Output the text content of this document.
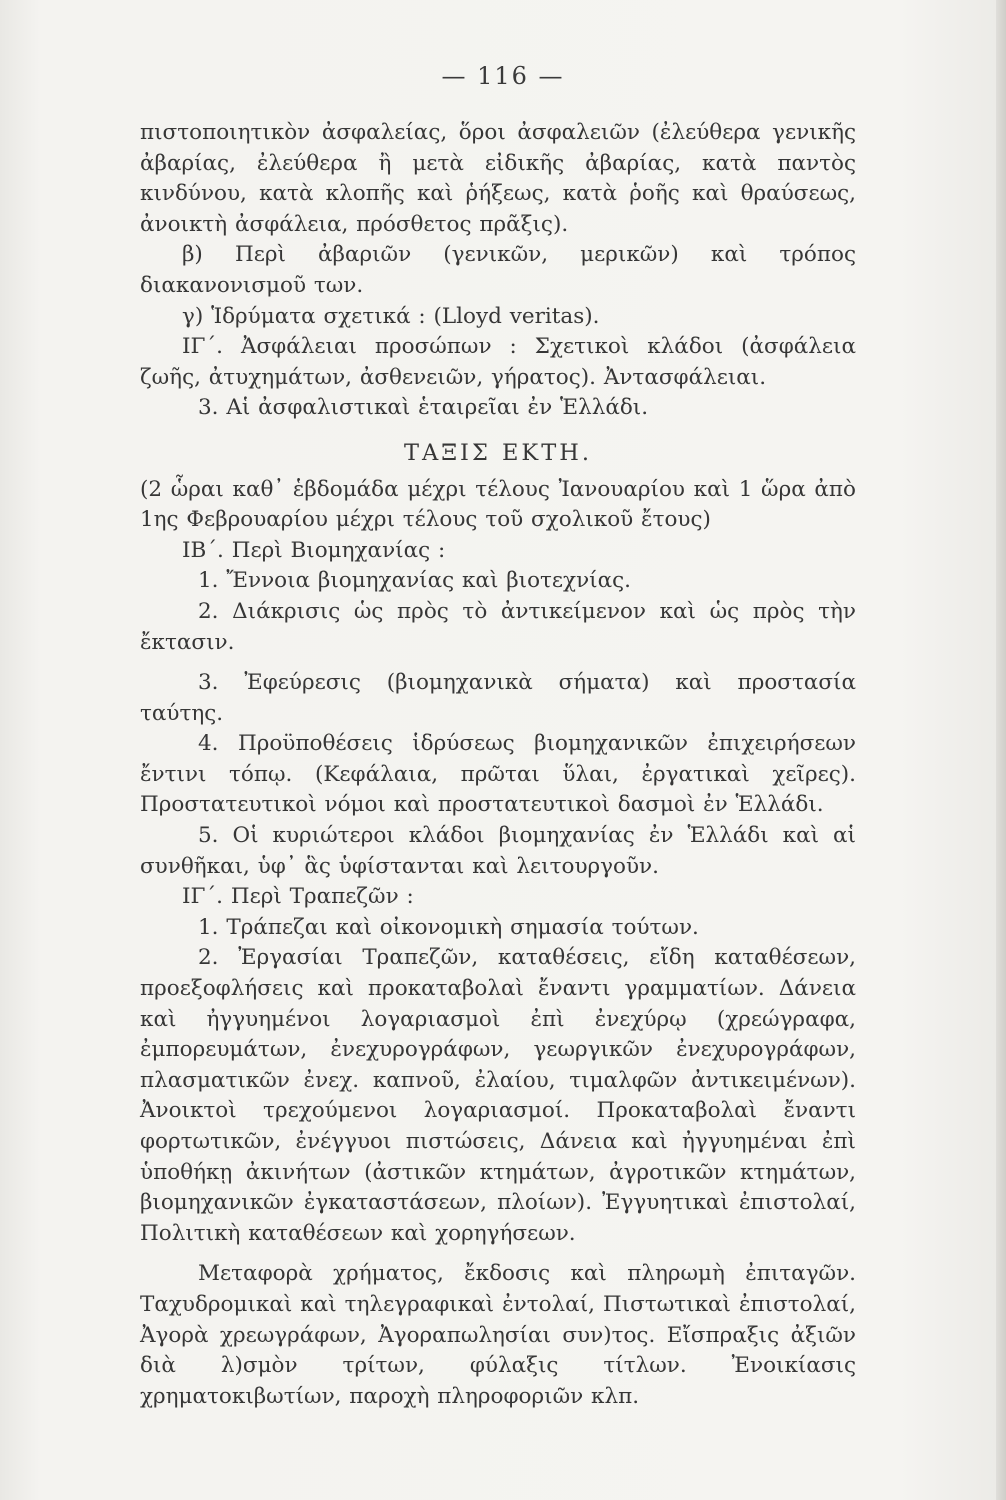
— 116 —

πιστοποιητικὸν ἀσφαλείας, ὅροι ἀσφαλειῶν (ἐλεύθερα γενικῆς ἀβαρίας, ἐλεύθερα ἢ μετὰ εἰδικῆς ἀβαρίας, κατὰ παντὸς κινδύνου, κατὰ κλοπῆς καὶ ῥήξεως, κατὰ ῥοῆς καὶ θραύσεως, ἀνοικτὴ ἀσφάλεια, πρόσθετος πρᾶξις).

β) Περὶ ἀβαριῶν (γενικῶν, μερικῶν) καὶ τρόπος διακανονισμοῦ των.

γ) Ἱδρύματα σχετικά : (Lloyd veritas).

ΙΓ΄. Ἀσφάλειαι προσώπων : Σχετικοὶ κλάδοι (ἀσφάλεια ζωῆς, ἀτυχημάτων, ἀσθενειῶν, γήρατος). Ἀντασφάλειαι.

3. Αἱ ἀσφαλιστικαὶ ἑταιρεῖαι ἐν Ἑλλάδι.

ΤΑΞΙΣ ΕΚΤΗ.

(2 ὧραι καθ᾽ ἑβδομάδα μέχρι τέλους Ἰανουαρίου καὶ 1 ὥρα ἀπὸ 1ης Φεβρουαρίου μέχρι τέλους τοῦ σχολικοῦ ἔτους)

ΙΒ΄. Περὶ Βιομηχανίας :

1. Ἔννοια βιομηχανίας καὶ βιοτεχνίας.

2. Διάκρισις ὡς πρὸς τὸ ἀντικείμενον καὶ ὡς πρὸς τὴν ἔκτασιν.

3. Ἐφεύρεσις (βιομηχανικὰ σήματα) καὶ προστασία ταύτης.

4. Προϋποθέσεις ἱδρύσεως βιομηχανικῶν ἐπιχειρήσεων ἔντινι τόπῳ. (Κεφάλαια, πρῶται ὕλαι, ἐργατικαὶ χεῖρες). Προστατευτικοὶ νόμοι καὶ προστατευτικοὶ δασμοὶ ἐν Ἑλλάδι.

5. Οἱ κυριώτεροι κλάδοι βιομηχανίας ἐν Ἑλλάδι καὶ αἱ συνθῆκαι, ὑφ᾽ ἃς ὑφίστανται καὶ λειτουργοῦν.

ΙΓ΄. Περὶ Τραπεζῶν :

1. Τράπεζαι καὶ οἰκονομικὴ σημασία τούτων.

2. Ἐργασίαι Τραπεζῶν, καταθέσεις, εἴδη καταθέσεων, προεξοφλήσεις καὶ προκαταβολαὶ ἔναντι γραμματίων. Δάνεια καὶ ἠγγυημένοι λογαριασμοὶ ἐπὶ ἐνεχύρῳ (χρεώγραφα, ἐμπορευμάτων, ἐνεχυρογράφων, γεωργικῶν ἐνεχυρογράφων, πλασματικῶν ἐνεχ. καπνοῦ, ἐλαίου, τιμαλφῶν ἀντικειμένων). Ἀνοικτοὶ τρεχούμενοι λογαριασμοί. Προκαταβολαὶ ἔναντι φορτωτικῶν, ἐνέγγυοι πιστώσεις, Δάνεια καὶ ἠγγυημέναι ἐπὶ ὑποθήκῃ ἀκινήτων (ἀστικῶν κτημάτων, ἀγροτικῶν κτημάτων, βιομηχανικῶν ἐγκαταστάσεων, πλοίων). Ἐγγυητικαὶ ἐπιστολαί, Πολιτικὴ καταθέσεων καὶ χορηγήσεων.

Μεταφορὰ χρήματος, ἔκδοσις καὶ πληρωμὴ ἐπιταγῶν. Ταχυδρομικαὶ καὶ τηλεγραφικαὶ ἐντολαί, Πιστωτικαὶ ἐπιστολαί, Ἀγορὰ χρεωγράφων, Ἀγοραπωλησίαι συν)τος. Εἴσπραξις ἀξιῶν διὰ λ)σμὸν τρίτων, φύλαξις τίτλων. Ἐνοικίασις χρηματοκιβωτίων, παροχὴ πληροφοριῶν κλπ.
